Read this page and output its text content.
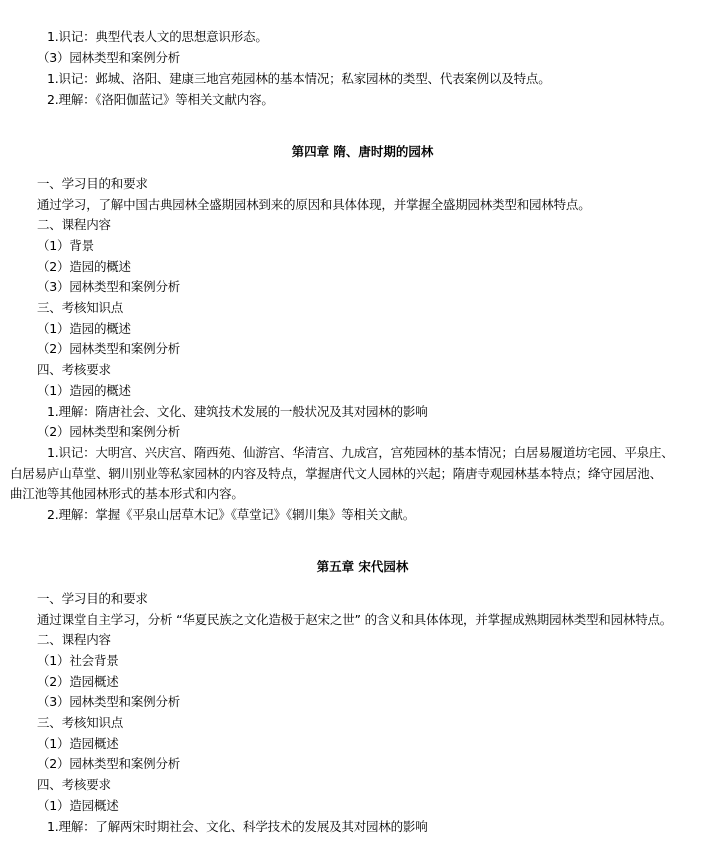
1.识记：典型代表人文的思想意识形态。
（3）园林类型和案例分析
1.识记：邺城、洛阳、建康三地宫苑园林的基本情况；私家园林的类型、代表案例以及特点。
2.理解：《洛阳伽蓝记》等相关文献内容。
第四章 隋、唐时期的园林
一、学习目的和要求
通过学习，了解中国古典园林全盛期园林到来的原因和具体体现，并掌握全盛期园林类型和园林特点。
二、课程内容
（1）背景
（2）造园的概述
（3）园林类型和案例分析
三、考核知识点
（1）造园的概述
（2）园林类型和案例分析
四、考核要求
（1）造园的概述
1.理解：隋唐社会、文化、建筑技术发展的一般状况及其对园林的影响
（2）园林类型和案例分析
1.识记：大明宫、兴庆宫、隋西苑、仙游宫、华清宫、九成宫，宫苑园林的基本情况；白居易履道坊宅园、平泉庄、
白居易庐山草堂、辋川别业等私家园林的内容及特点，掌握唐代文人园林的兴起；隋唐寺观园林基本特点；绛守园居池、
曲江池等其他园林形式的基本形式和内容。
2.理解：掌握《平泉山居草木记》《草堂记》《辋川集》等相关文献。
第五章 宋代园林
一、学习目的和要求
通过课堂自主学习，分析 “华夏民族之文化造极于赵宋之世” 的含义和具体体现，并掌握成熟期园林类型和园林特点。
二、课程内容
（1）社会背景
（2）造园概述
（3）园林类型和案例分析
三、考核知识点
（1）造园概述
（2）园林类型和案例分析
四、考核要求
（1）造园概述
1.理解：了解两宋时期社会、文化、科学技术的发展及其对园林的影响
